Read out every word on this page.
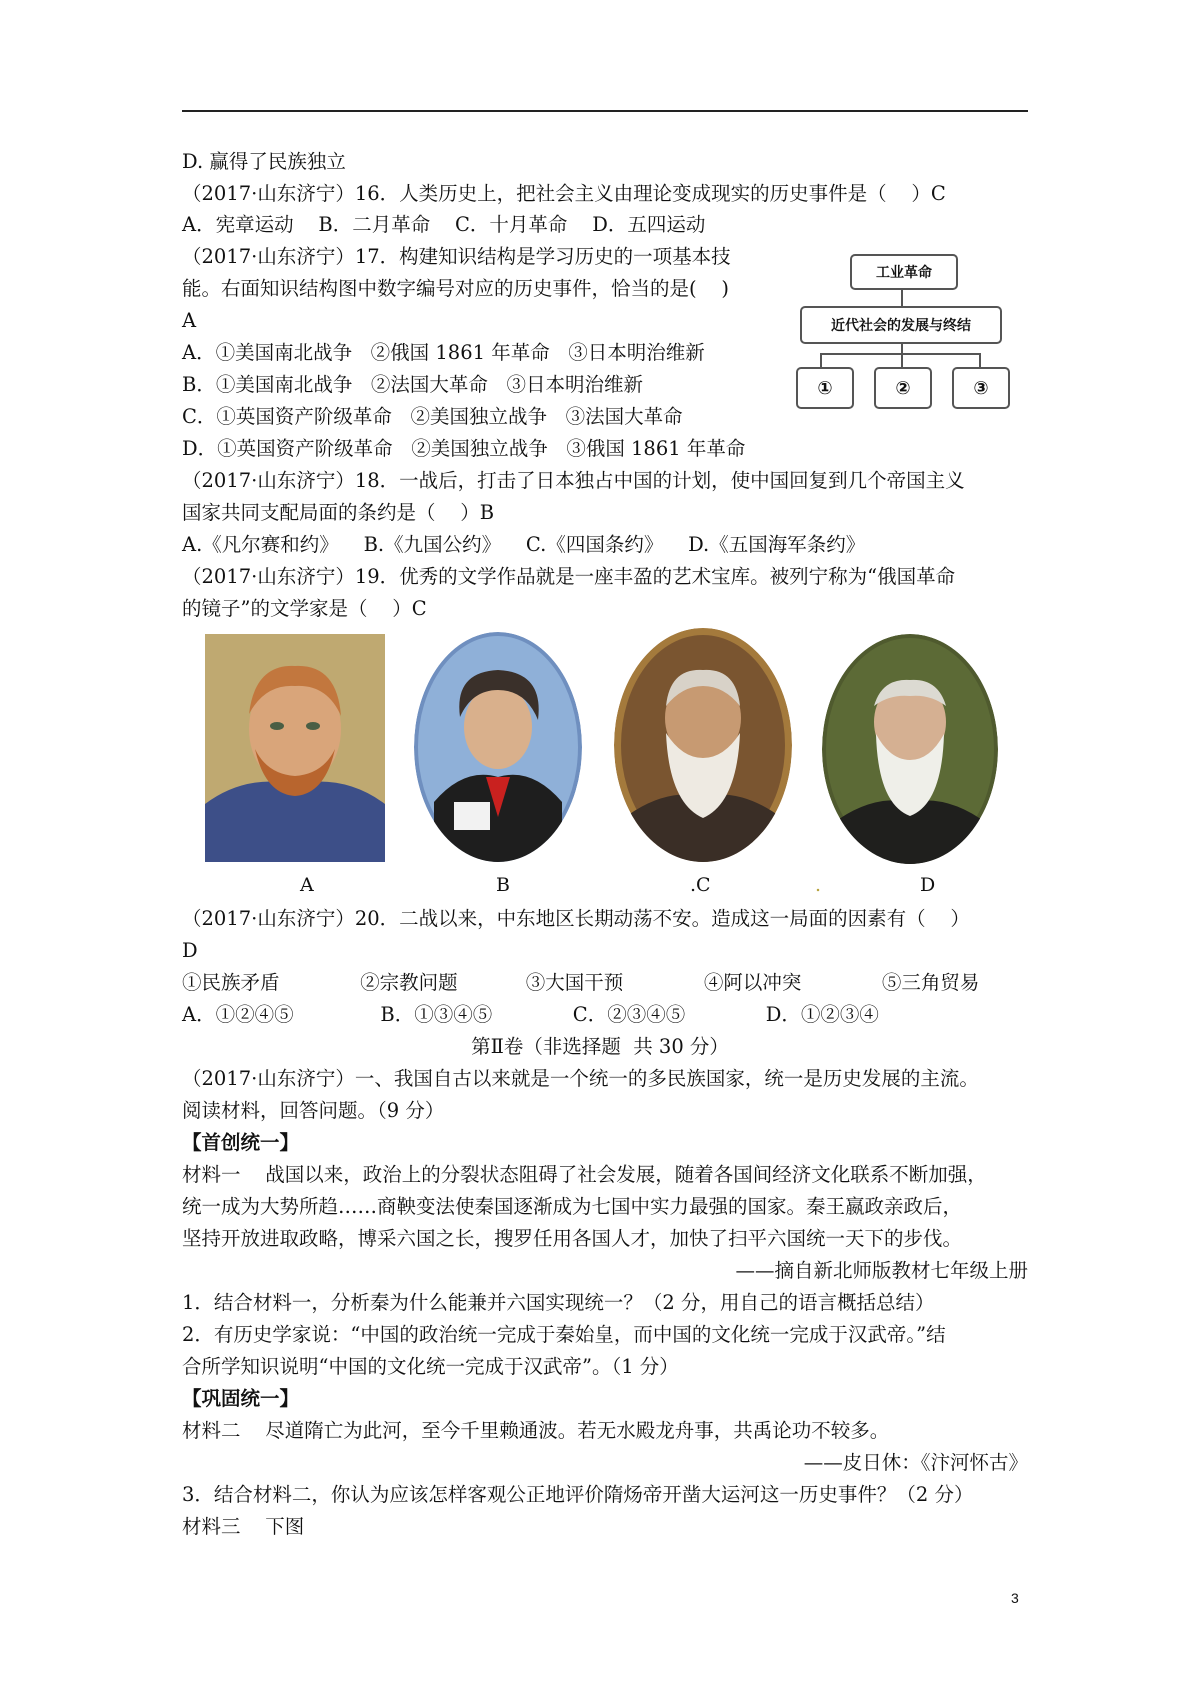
D. 赢得了民族独立
（2017·山东济宁）16．人类历史上，把社会主义由理论变成现实的历史事件是（    ）C
A．宪章运动    B．二月革命    C．十月革命    D．五四运动
（2017·山东济宁）17．构建知识结构是学习历史的一项基本技
能。右面知识结构图中数字编号对应的历史事件，恰当的是(    )
A
A．①美国南北战争   ②俄国 1861 年革命   ③日本明治维新
B．①美国南北战争   ②法国大革命   ③日本明治维新
C．①英国资产阶级革命   ②美国独立战争   ③法国大革命
D．①英国资产阶级革命   ②美国独立战争   ③俄国 1861 年革命
（2017·山东济宁）18．一战后，打击了日本独占中国的计划，使中国回复到几个帝国主义
国家共同支配局面的条约是（    ）B
A.《凡尔赛和约》    B.《九国公约》    C.《四国条约》    D.《五国海军条约》
（2017·山东济宁）19．优秀的文学作品就是一座丰盈的艺术宝库。被列宁称为“俄国革命
的镜子”的文学家是（    ）C
工业革命
近代社会的发展与终结
①	②	③
A	B	.C	.	D
（2017·山东济宁）20．二战以来，中东地区长期动荡不安。造成这一局面的因素有（    ）
D
①民族矛盾             ②宗教问题           ③大国干预             ④阿以冲突             ⑤三角贸易
A．①②④⑤              B．①③④⑤             C．②③④⑤             D．①②③④
第Ⅱ卷（非选择题  共 30 分）
（2017·山东济宁）一、我国自古以来就是一个统一的多民族国家，统一是历史发展的主流。
阅读材料，回答问题。（9 分）
【首创统一】
材料一    战国以来，政治上的分裂状态阻碍了社会发展，随着各国间经济文化联系不断加强，
统一成为大势所趋……商鞅变法使秦国逐渐成为七国中实力最强的国家。秦王嬴政亲政后，
坚持开放进取政略，博采六国之长，搜罗任用各国人才，加快了扫平六国统一天下的步伐。
——摘自新北师版教材七年级上册
1．结合材料一，分析秦为什么能兼并六国实现统一？（2 分，用自己的语言概括总结）
2．有历史学家说：“中国的政治统一完成于秦始皇，而中国的文化统一完成于汉武帝。”结
合所学知识说明“中国的文化统一完成于汉武帝”。（1 分）
【巩固统一】
材料二    尽道隋亡为此河，至今千里赖通波。若无水殿龙舟事，共禹论功不较多。
——皮日休：《汴河怀古》
3．结合材料二，你认为应该怎样客观公正地评价隋炀帝开凿大运河这一历史事件？（2 分）
材料三    下图
3
